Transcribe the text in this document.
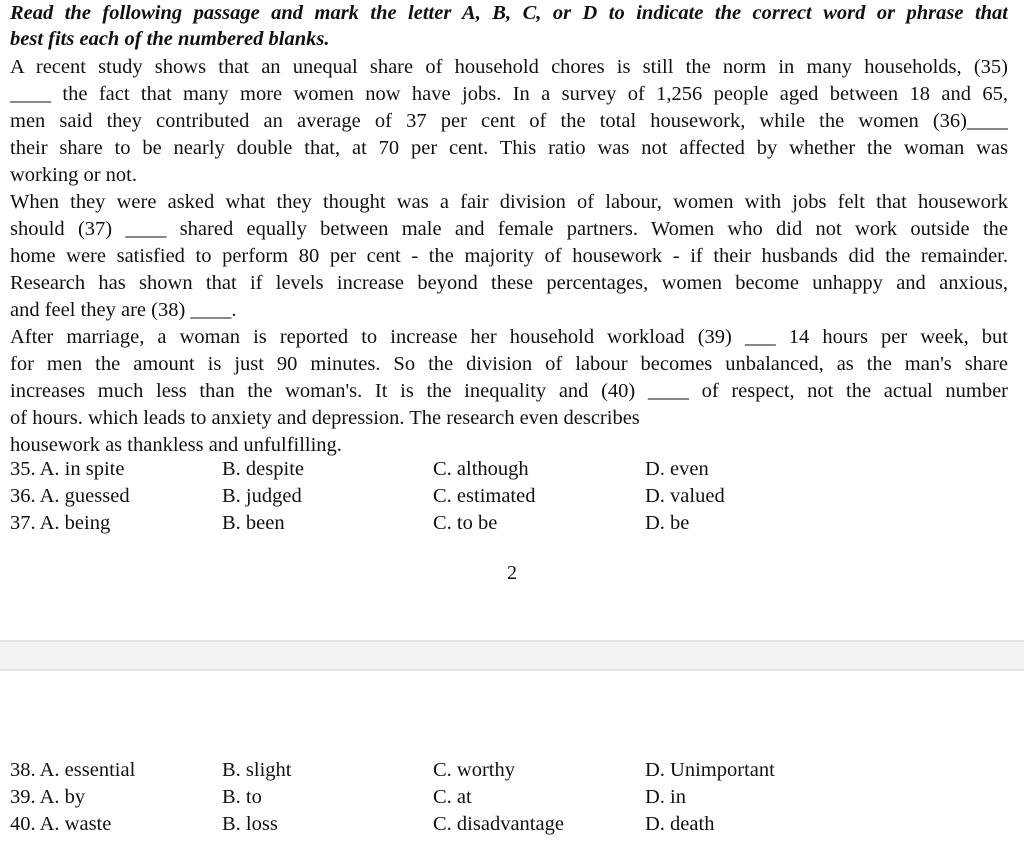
Read the following passage and mark the letter A, B, C, or D to indicate the correct word or phrase that
best fits each of the numbered blanks.
A recent study shows that an unequal share of household chores is still the norm in many households, (35)
____ the fact that many more women now have jobs. In a survey of 1,256 people aged between 18 and 65,
men said they contributed an average of 37 per cent of the total housework, while the women (36)____
their share to be nearly double that, at 70 per cent. This ratio was not affected by whether the woman was
working or not.
When they were asked what they thought was a fair division of labour, women with jobs felt that housework
should (37) ____ shared equally between male and female partners. Women who did not work outside the
home were satisfied to perform 80 per cent - the majority of housework - if their husbands did the remainder.
Research has shown that if levels increase beyond these percentages, women become unhappy and anxious,
and feel they are (38) ____.
After marriage, a woman is reported to increase her household workload (39) ___ 14 hours per week, but
for men the amount is just 90 minutes. So the division of labour becomes unbalanced, as the man's share
increases much less than the woman's. It is the inequality and (40) ____ of respect, not the actual number
of hours. which leads to anxiety and depression. The research even describes
housework as thankless and unfulfilling.
35. A. in spite	B. despite	C. although	D. even
36. A. guessed	B. judged	C. estimated	D. valued
37. A. being	B. been	C. to be	D. be
38. A. essential	B. slight	C. worthy	D. Unimportant
39. A. by	B. to	C. at	D. in
40. A. waste	B. loss	C. disadvantage	D. death
2
